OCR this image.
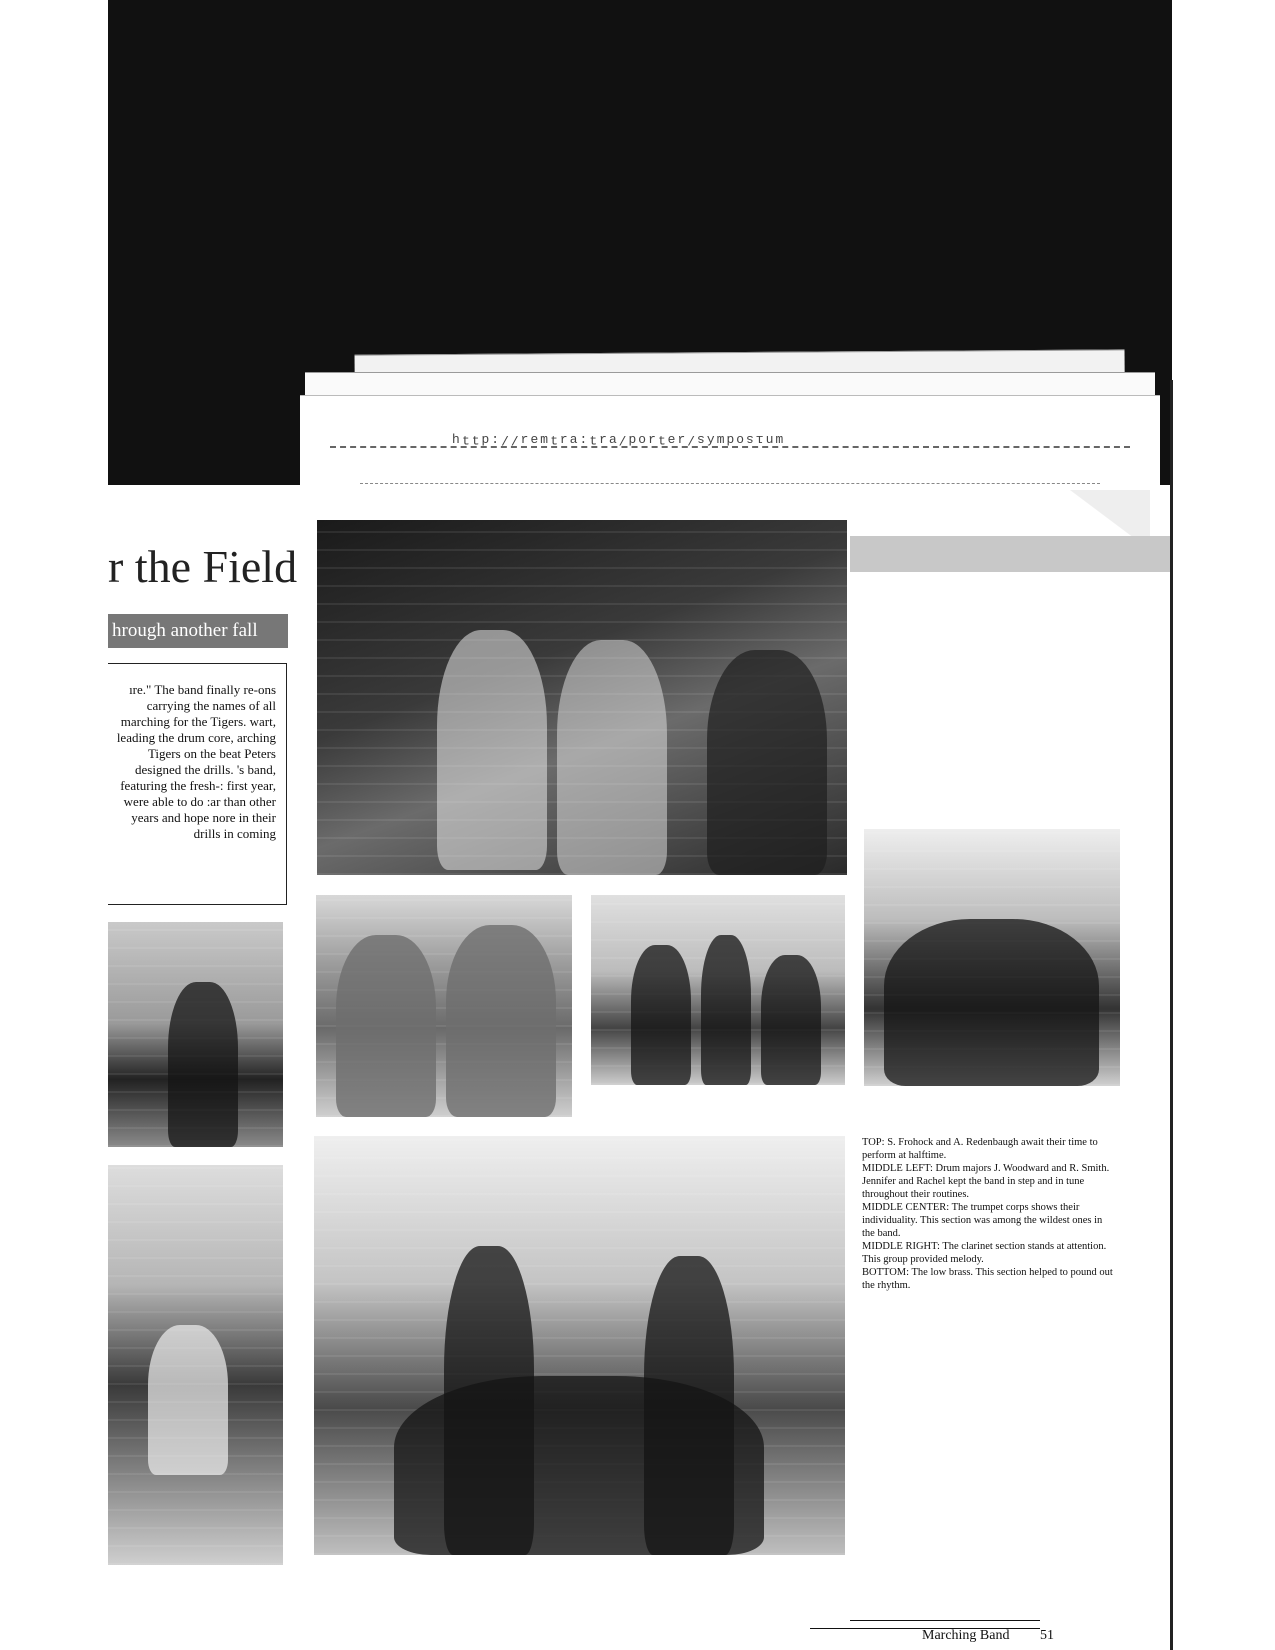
ɯnısodɯʎs/ɹǝʇɹod/ɐɹʇ:ɐɹʇɯǝɹ//:dʇʇɥ
r the Field
hrough another fall

ıre." The band finally re-ons carrying the names of all marching for the Tigers. wart, leading the drum core, arching Tigers on the beat Peters designed the drills. 's band, featuring the fresh-: first year, were able to do :ar than other years and hope nore in their drills in coming

TOP: S. Frohock and A. Redenbaugh await their time to perform at halftime.
MIDDLE LEFT: Drum majors J. Woodward and R. Smith. Jennifer and Rachel kept the band in step and in tune throughout their routines.
MIDDLE CENTER: The trumpet corps shows their individuality. This section was among the wildest ones in the band.
MIDDLE RIGHT: The clarinet section stands at attention. This group provided melody.
BOTTOM: The low brass. This section helped to pound out the rhythm.
Marching Band 51
